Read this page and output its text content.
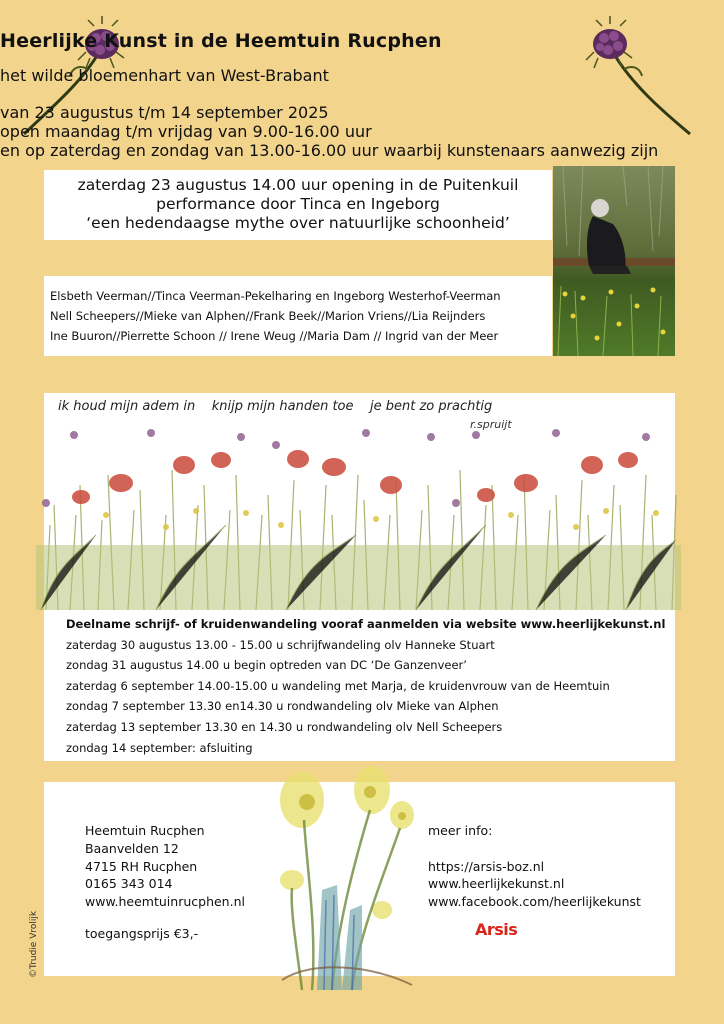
Heerlijke Kunst in de Heemtuin Rucphen
het wilde bloemenhart van West-Brabant
van 23 augustus t/m 14 september 2025
open maandag t/m vrijdag van 9.00-16.00 uur
en op zaterdag en zondag van 13.00-16.00 uur waarbij kunstenaars aanwezig zijn
zaterdag 23 augustus 14.00 uur opening in de Puitenkuil
performance door Tinca en Ingeborg
‘een hedendaagse mythe over natuurlijke schoonheid’
Elsbeth Veerman//Tinca Veerman-Pekelharing en Ingeborg Westerhof-Veerman
Nell Scheepers//Mieke van Alphen//Frank Beek//Marion Vriens//Lia Reijnders
Ine Buuron//Pierrette Schoon // Irene Weug //Maria Dam // Ingrid van der Meer
ik houd mijn adem in    knijp mijn handen toe    je bent zo prachtig
r.spruijt
Deelname schrijf- of kruidenwandeling vooraf aanmelden via website www.heerlijkekunst.nl
zaterdag 30 augustus 13.00 - 15.00 u schrijfwandeling olv Hanneke Stuart
zondag 31 augustus 14.00 u begin optreden van DC ‘De Ganzenveer’
zaterdag 6 september 14.00-15.00 u wandeling met Marja, de kruidenvrouw van de Heemtuin
zondag 7 september 13.30 en14.30 u rondwandeling olv Mieke van Alphen
zaterdag 13 september 13.30 en 14.30 u rondwandeling olv Nell Scheepers
zondag 14 september: afsluiting
Heemtuin Rucphen
Baanvelden 12
4715 RH Rucphen
0165 343 014
www.heemtuinrucphen.nl
toegangsprijs €3,-
meer info:
https://arsis-boz.nl
www.heerlijkekunst.nl
www.facebook.com/heerlijkekunst
Arsis
©Trudie Vrolijk
